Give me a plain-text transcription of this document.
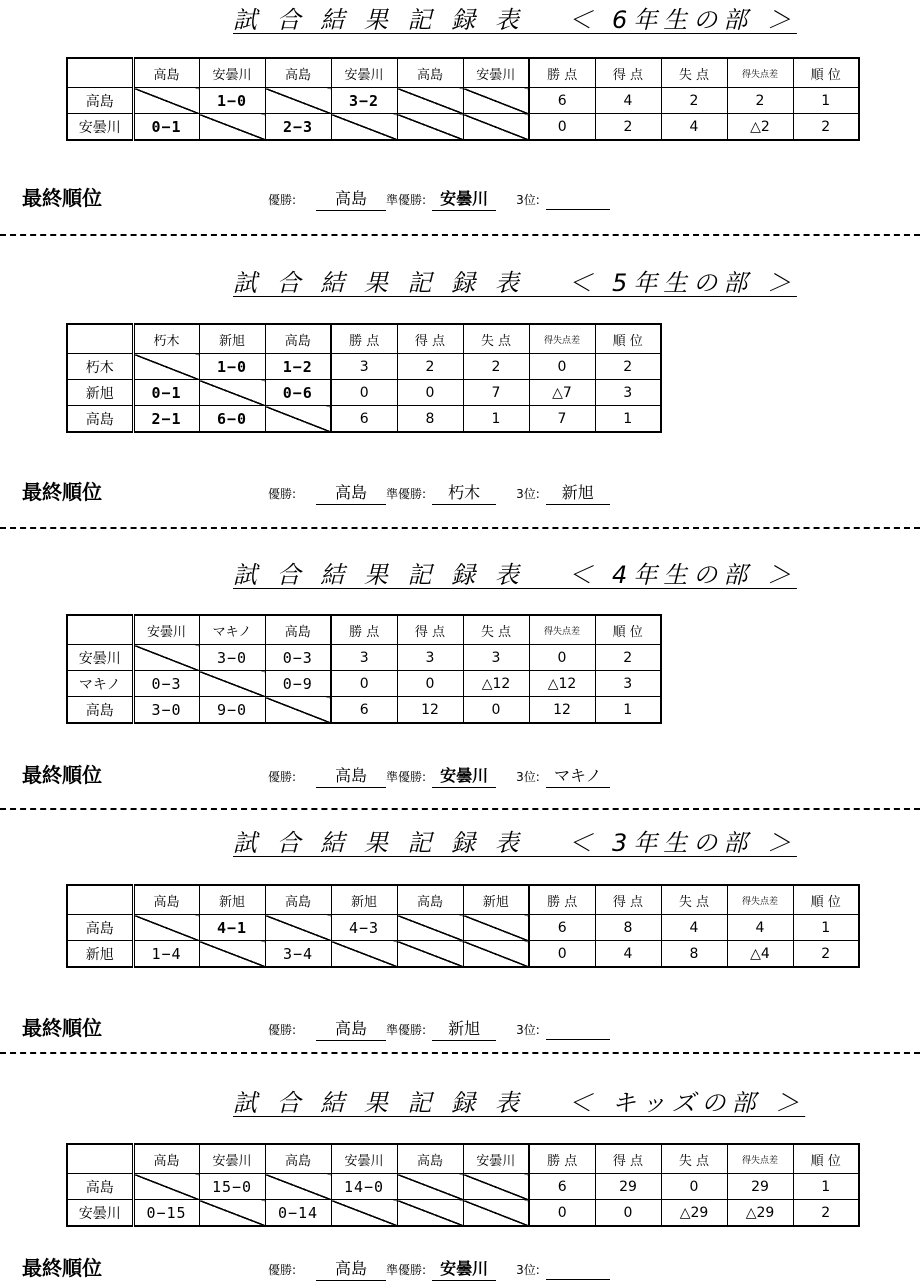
試 合 結 果 記 録 表 　＜ 6年生の部 ＞
	高島	安曇川	高島	安曇川	高島	安曇川	勝 点	得 点	失 点	得失点差	順 位
高島		1−0		3−2			6	4	2	2	1
安曇川	0−1		2−3				0	2	4	△2	2
最終順位	優勝: 高島 準優勝: 安曇川 3位:
試 合 結 果 記 録 表 　＜ 5年生の部 ＞
	朽木	新旭	高島	勝 点	得 点	失 点	得失点差	順 位
朽木		1−0	1−2	3	2	2	0	2
新旭	0−1		0−6	0	0	7	△7	3
高島	2−1	6−0		6	8	1	7	1
最終順位	優勝: 高島 準優勝: 朽木	3位: 新旭
試 合 結 果 記 録 表 　＜ 4年生の部 ＞
	安曇川	マキノ	高島	勝 点	得 点	失 点	得失点差	順 位
安曇川		3−0	0−3	3	3	3	0	2
マキノ	0−3		0−9	0	0	△12	△12	3
高島	3−0	9−0		6	12	0	12	1
最終順位	優勝: 高島 準優勝: 安曇川 3位: マキノ
試 合 結 果 記 録 表 　＜ 3年生の部 ＞
	高島	新旭	高島	新旭	高島	新旭	勝 点	得 点	失 点	得失点差	順 位
高島		4−1		4−3			6	8	4	4	1
新旭	1−4		3−4				0	4	8	△4	2
最終順位	優勝: 高島 準優勝: 新旭	3位:
試 合 結 果 記 録 表 　＜ キッズの部 ＞
	高島	安曇川	高島	安曇川	高島	安曇川	勝 点	得 点	失 点	得失点差	順 位
高島		15−0		14−0			6	29	0	29	1
安曇川	0−15		0−14				0	0	△29	△29	2
最終順位	優勝: 高島 準優勝: 安曇川 3位:
